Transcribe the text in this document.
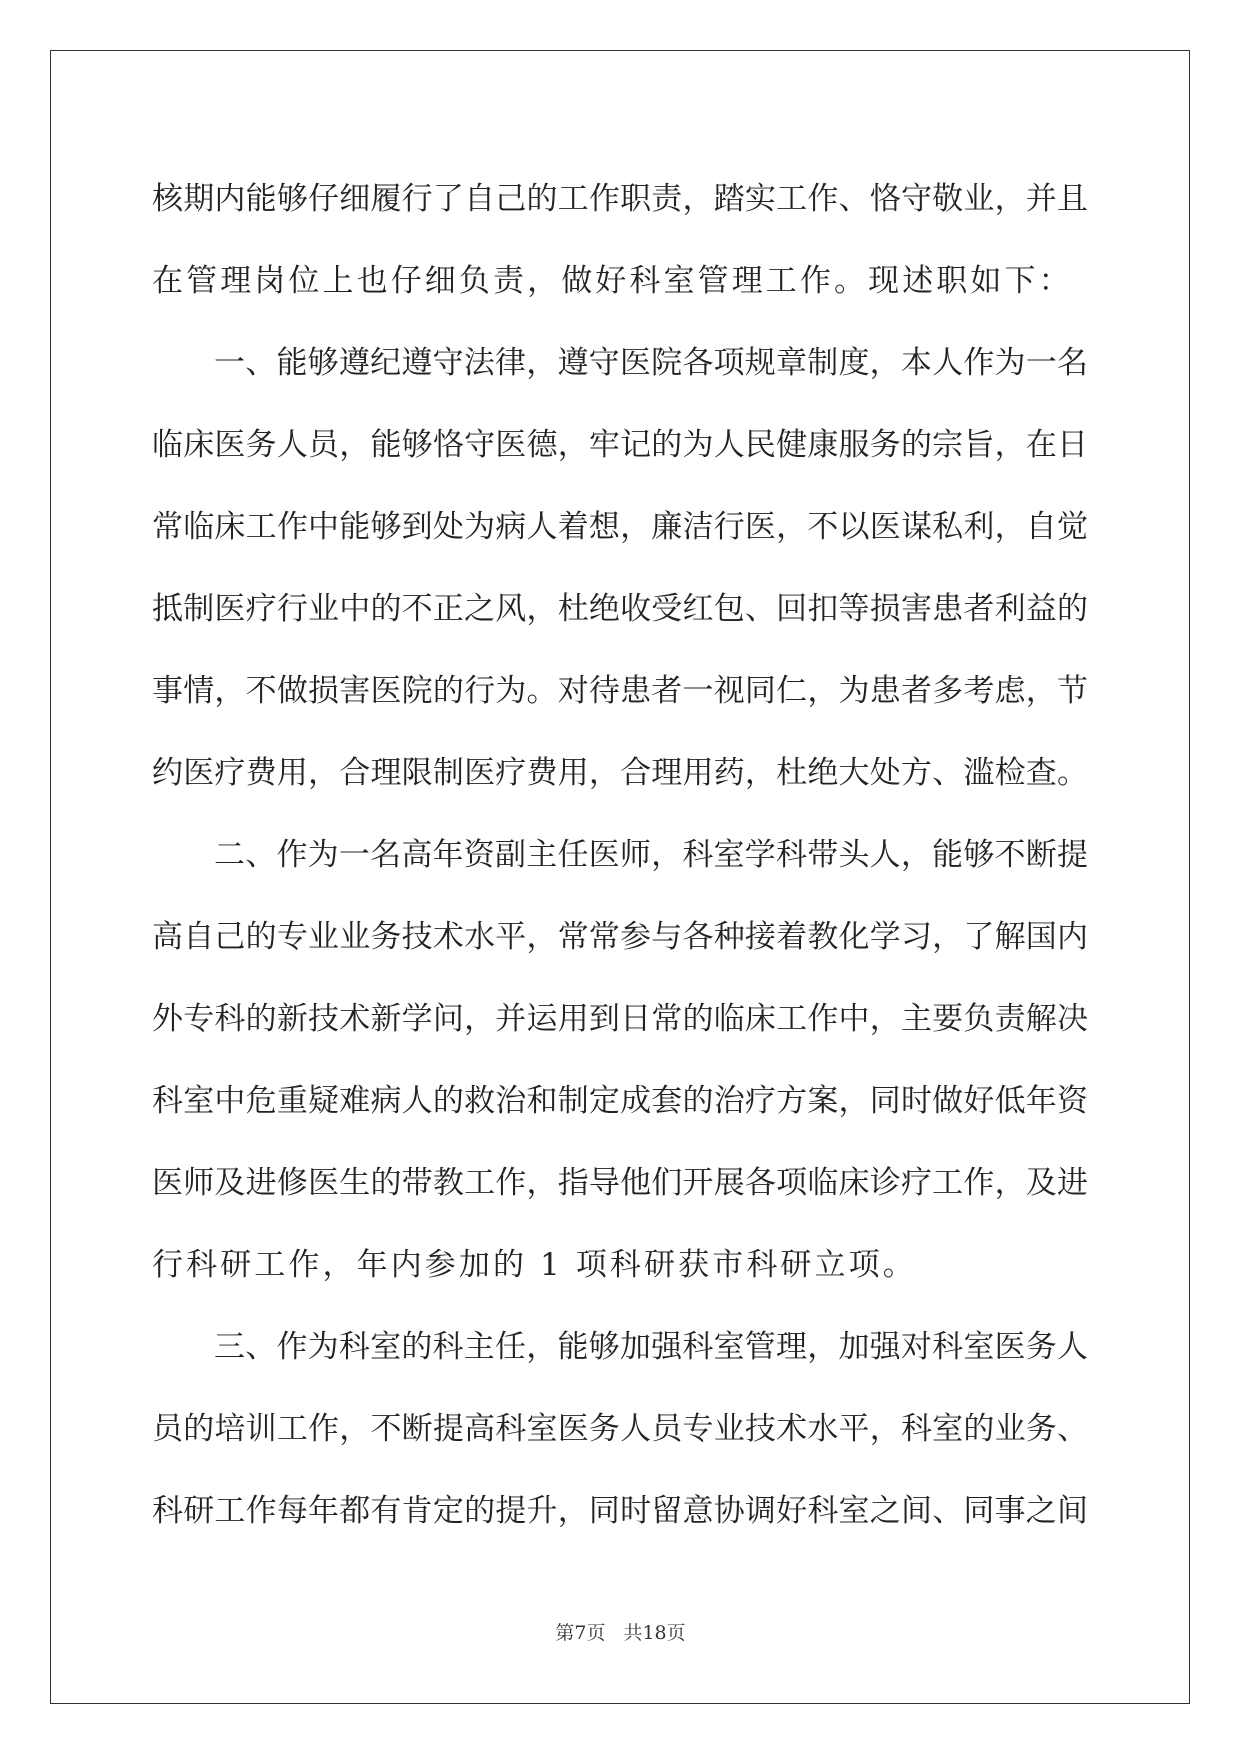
核期内能够仔细履行了自己的工作职责，踏实工作、恪守敬业，并且
在管理岗位上也仔细负责，做好科室管理工作。现述职如下：
一、能够遵纪遵守法律，遵守医院各项规章制度，本人作为一名
临床医务人员，能够恪守医德，牢记的为人民健康服务的宗旨，在日
常临床工作中能够到处为病人着想，廉洁行医，不以医谋私利，自觉
抵制医疗行业中的不正之风，杜绝收受红包、回扣等损害患者利益的
事情，不做损害医院的行为。对待患者一视同仁，为患者多考虑，节
约医疗费用，合理限制医疗费用，合理用药，杜绝大处方、滥检查。
二、作为一名高年资副主任医师，科室学科带头人，能够不断提
高自己的专业业务技术水平，常常参与各种接着教化学习，了解国内
外专科的新技术新学问，并运用到日常的临床工作中，主要负责解决
科室中危重疑难病人的救治和制定成套的治疗方案，同时做好低年资
医师及进修医生的带教工作，指导他们开展各项临床诊疗工作，及进
行科研工作，年内参加的 1 项科研获市科研立项。
三、作为科室的科主任，能够加强科室管理，加强对科室医务人
员的培训工作，不断提高科室医务人员专业技术水平，科室的业务、
科研工作每年都有肯定的提升，同时留意协调好科室之间、同事之间
第7页 共18页
